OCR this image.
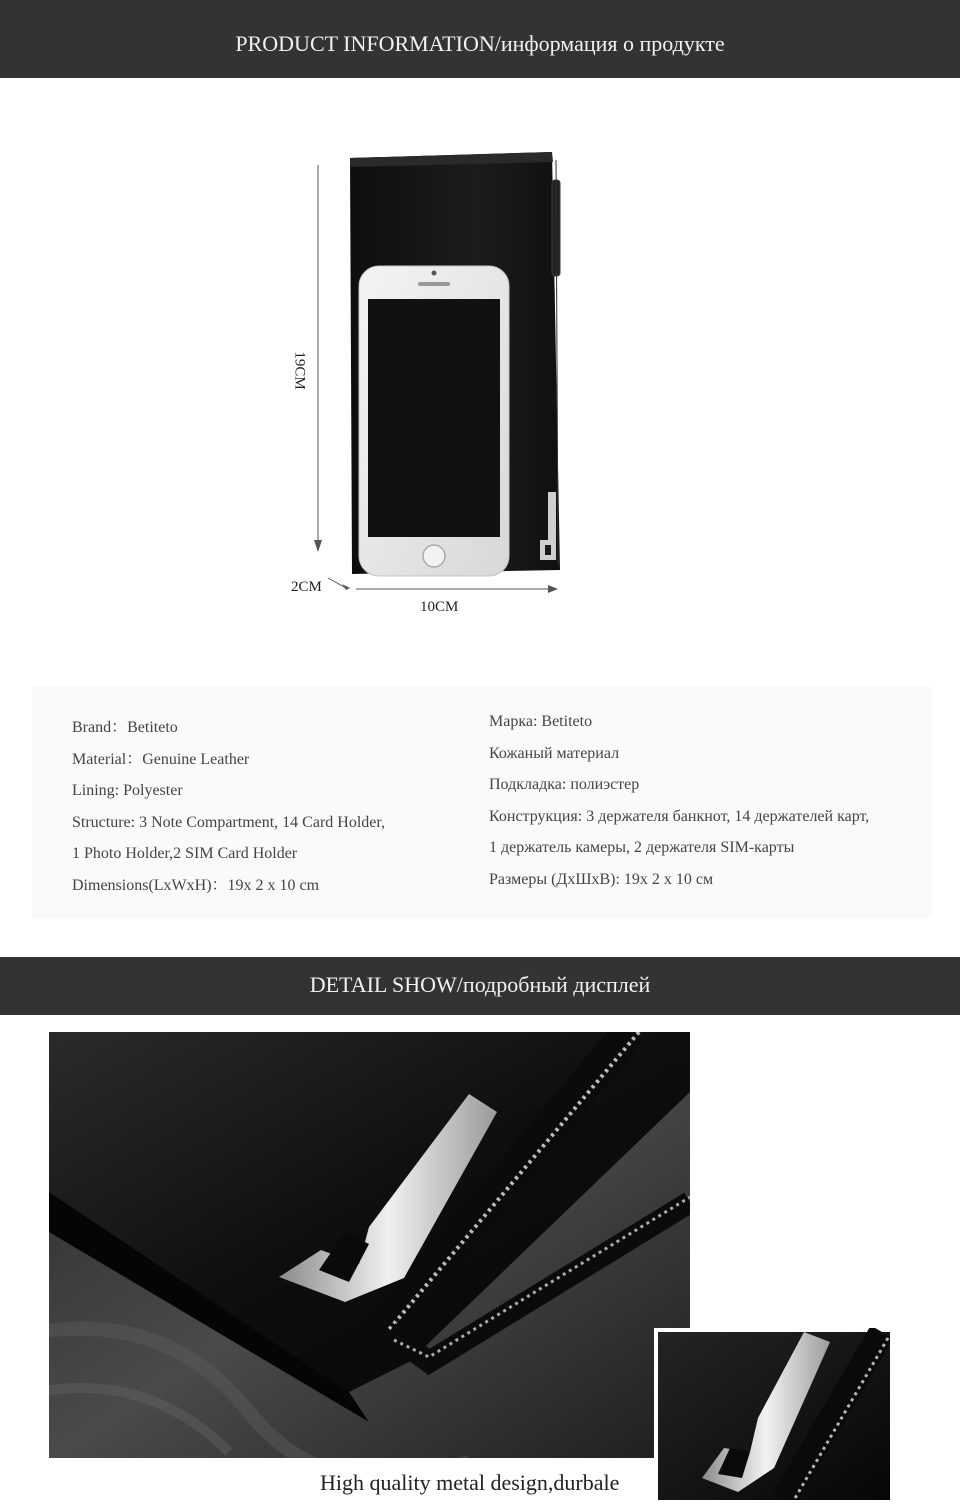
PRODUCT INFORMATION/информация о продукте
19CM
2CM
10CM
Brand：Betiteto
Material：Genuine Leather
Lining: Polyester
Structure: 3 Note Compartment, 14 Card Holder,
1 Photo Holder,2 SIM Card Holder
Dimensions(LxWxH)：19x 2 x 10 cm
Марка: Betiteto
Кожаный материал
Подкладка: полиэстер
Конструкция: 3 держателя банкнот, 14 держателей карт,
1 держатель камеры, 2 держателя SIM-карты
Размеры (ДхШхВ): 19x 2 x 10 см
DETAIL SHOW/подробный дисплей
High quality metal design,durbale
